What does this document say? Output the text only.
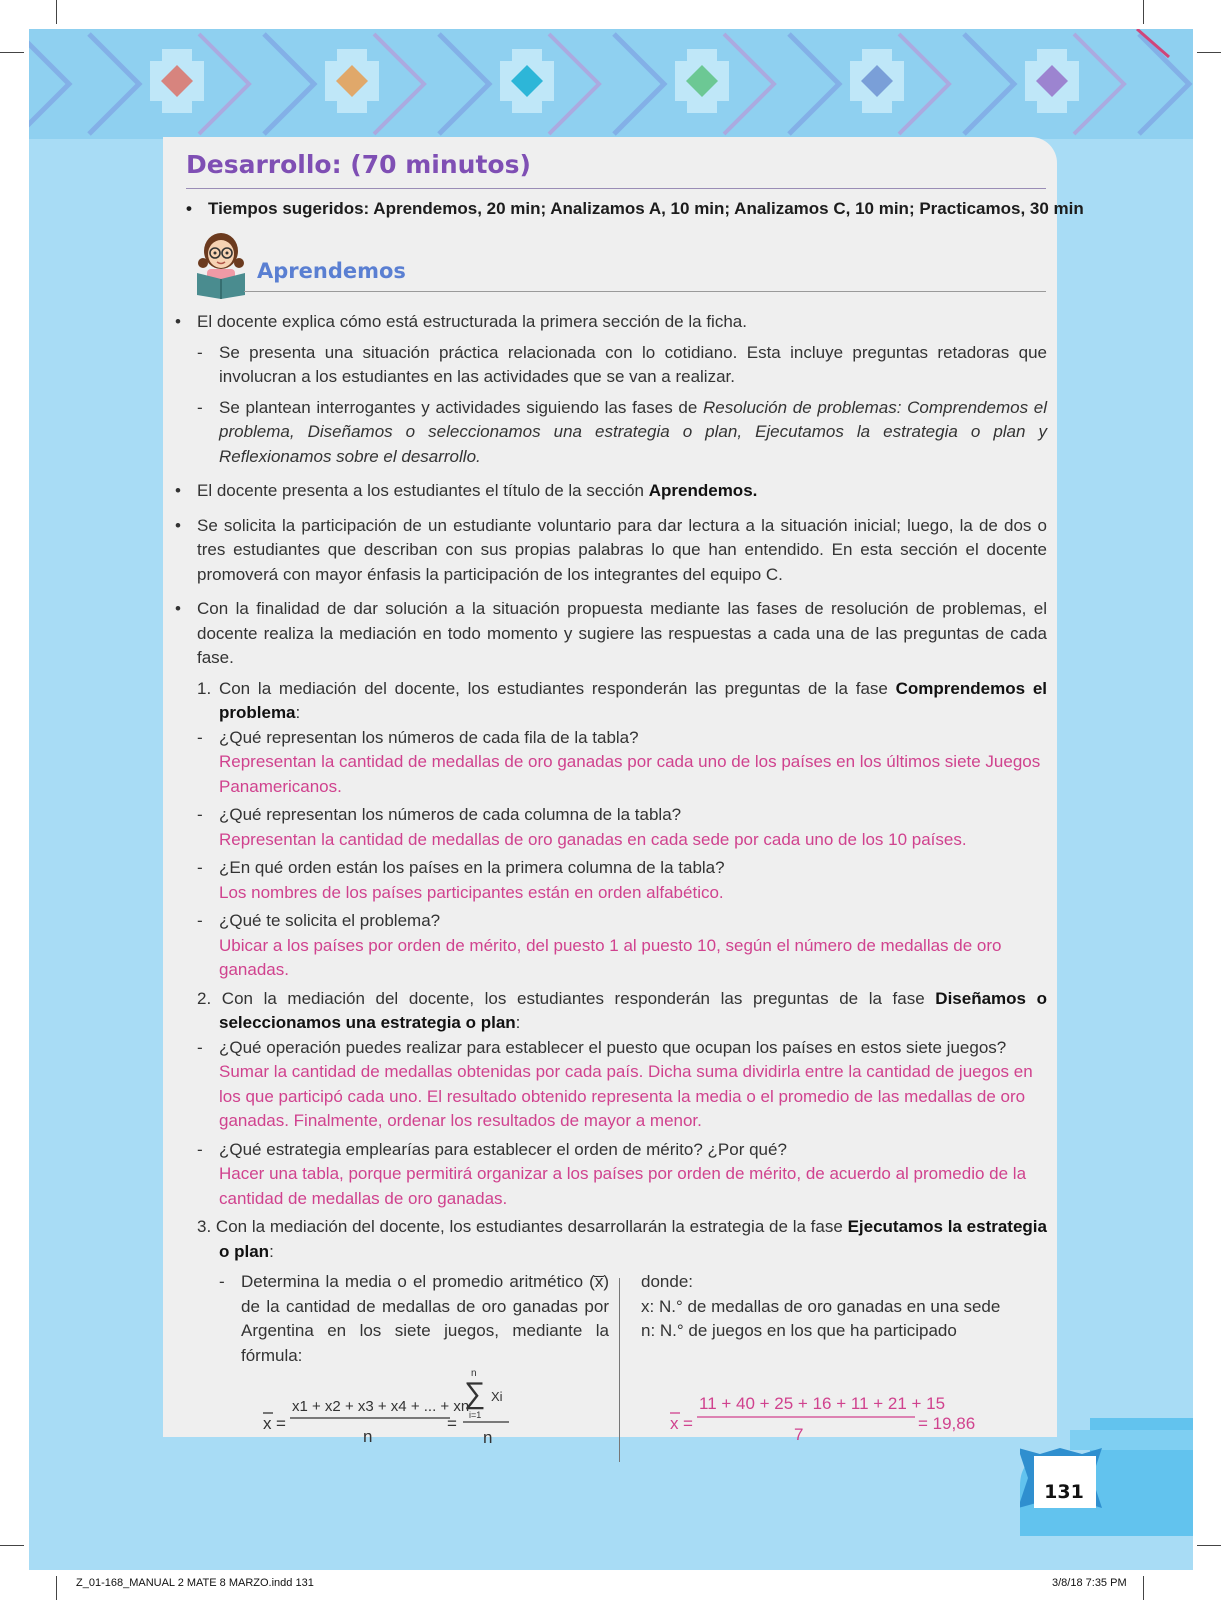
Desarrollo: (70 minutos)
• Tiempos sugeridos: Aprendemos, 20 min; Analizamos A, 10 min; Analizamos C, 10 min; Practicamos, 30 min
Aprendemos

• El docente explica cómo está estructurada la primera sección de la ficha.

- Se presenta una situación práctica relacionada con lo cotidiano. Esta incluye preguntas retadoras que involucran a los estudiantes en las actividades que se van a realizar.

- Se plantean interrogantes y actividades siguiendo las fases de Resolución de problemas: Comprendemos el problema, Diseñamos o seleccionamos una estrategia o plan, Ejecutamos la estrategia o plan y Reflexionamos sobre el desarrollo.

• El docente presenta a los estudiantes el título de la sección Aprendemos.

• Se solicita la participación de un estudiante voluntario para dar lectura a la situación inicial; luego, la de dos o tres estudiantes que describan con sus propias palabras lo que han entendido. En esta sección el docente promoverá con mayor énfasis la participación de los integrantes del equipo C.

• Con la finalidad de dar solución a la situación propuesta mediante las fases de resolución de problemas, el docente realiza la mediación en todo momento y sugiere las respuestas a cada una de las preguntas de cada fase.

1. Con la mediación del docente, los estudiantes responderán las preguntas de la fase Comprendemos el problema:

- ¿Qué representan los números de cada fila de la tabla?

Representan la cantidad de medallas de oro ganadas por cada uno de los países en los últimos siete Juegos Panamericanos.

- ¿Qué representan los números de cada columna de la tabla?

Representan la cantidad de medallas de oro ganadas en cada sede por cada uno de los 10 países.

- ¿En qué orden están los países en la primera columna de la tabla?

Los nombres de los países participantes están en orden alfabético.

- ¿Qué te solicita el problema?

Ubicar a los países por orden de mérito, del puesto 1 al puesto 10, según el número de medallas de oro ganadas.

2. Con la mediación del docente, los estudiantes responderán las preguntas de la fase Diseñamos o seleccionamos una estrategia o plan:

- ¿Qué operación puedes realizar para establecer el puesto que ocupan los países en estos siete juegos?

Sumar la cantidad de medallas obtenidas por cada país. Dicha suma dividirla entre la cantidad de juegos en los que participó cada uno. El resultado obtenido representa la media o el promedio de las medallas de oro ganadas. Finalmente, ordenar los resultados de mayor a menor.

- ¿Qué estrategia emplearías para establecer el orden de mérito? ¿Por qué?

Hacer una tabla, porque permitirá organizar a los países por orden de mérito, de acuerdo al promedio de la cantidad de medallas de oro ganadas.

3. Con la mediación del docente, los estudiantes desarrollarán la estrategia de la fase Ejecutamos la estrategia o plan:

- Determina la media o el promedio aritmético (x̅) de la cantidad de medallas de oro ganadas por Argentina en los siete juegos, mediante la fórmula:

donde:

x: N.° de medallas de oro ganadas en una sede

n: N.° de juegos en los que ha participado

x =
x1 + x2 + x3 + x4 + ... + xn
n
=
n
∑
i=1
Xi
n
x =
11 + 40 + 25 + 16 + 11 + 21 + 15
7
= 19,86
131
Z_01-168_MANUAL 2 MATE 8 MARZO.indd 131	3/8/18 7:35 PM
